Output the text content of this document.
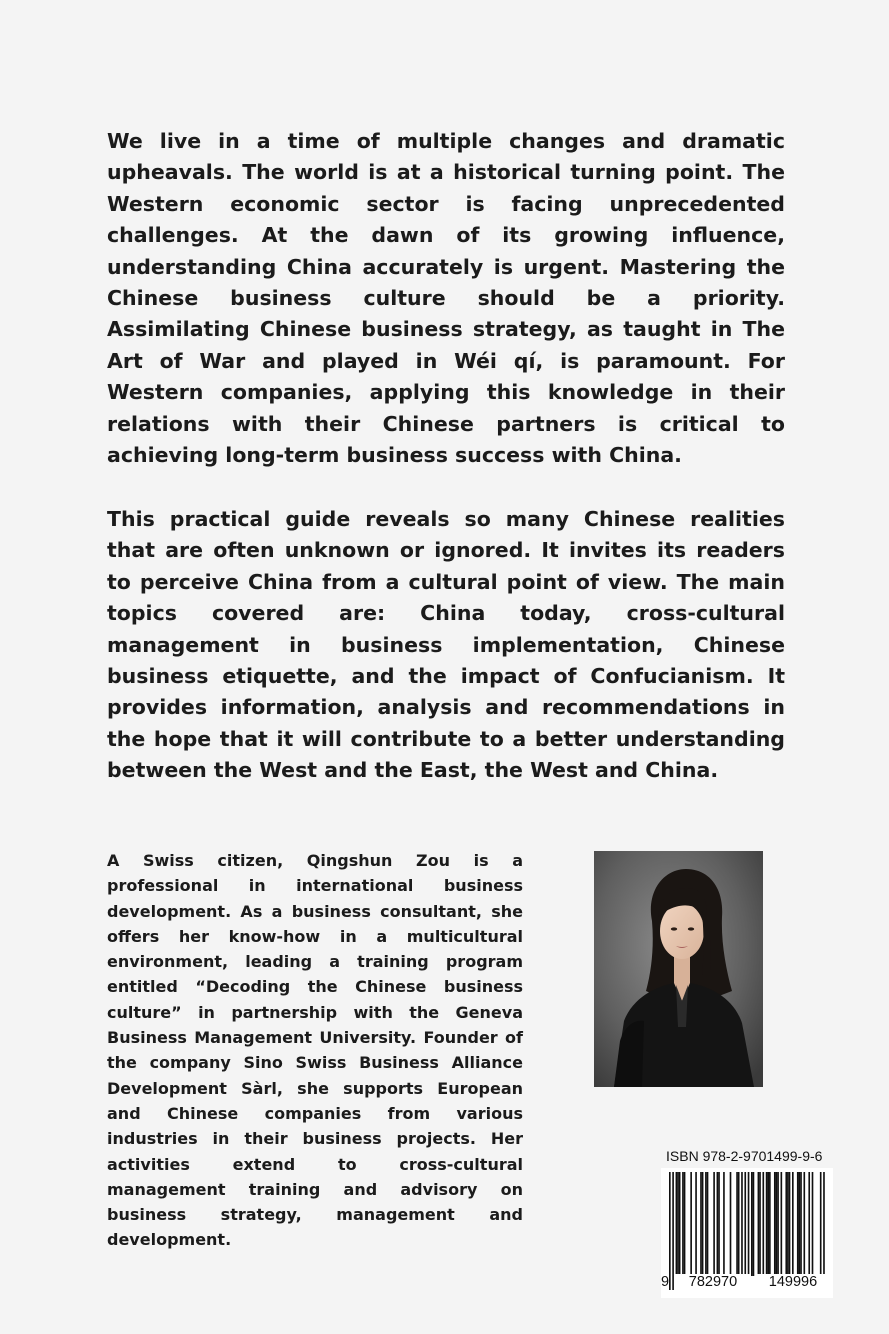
We live in a time of multiple changes and dramatic upheavals. The world is at a historical turning point. The Western economic sector is facing unprecedented challenges. At the dawn of its growing influence, understanding China accurately is urgent. Mastering the Chinese business culture should be a priority. Assimilating Chinese business strategy, as taught in The Art of War and played in Wéi qí, is paramount. For Western companies, applying this knowledge in their relations with their Chinese partners is critical to achieving long-term business success with China.

This practical guide reveals so many Chinese realities that are often unknown or ignored. It invites its readers to perceive China from a cultural point of view. The main topics covered are: China today, cross-cultural management in business implementation, Chinese business etiquette, and the impact of Confucianism. It provides information, analysis and recommendations in the hope that it will contribute to a better understanding between the West and the East, the West and China.

A Swiss citizen, Qingshun Zou is a professional in international business development. As a business consultant, she offers her know-how in a multicultural environment, leading a training program entitled “Decoding the Chinese business culture” in partnership with the Geneva Business Management University. Founder of the company Sino Swiss Business Alliance Development Sàrl, she supports European and Chinese companies from various industries in their business projects. Her activities extend to cross-cultural management training and advisory on business strategy, management and development.

ISBN 978-2-9701499-9-6
9	782970	149996
